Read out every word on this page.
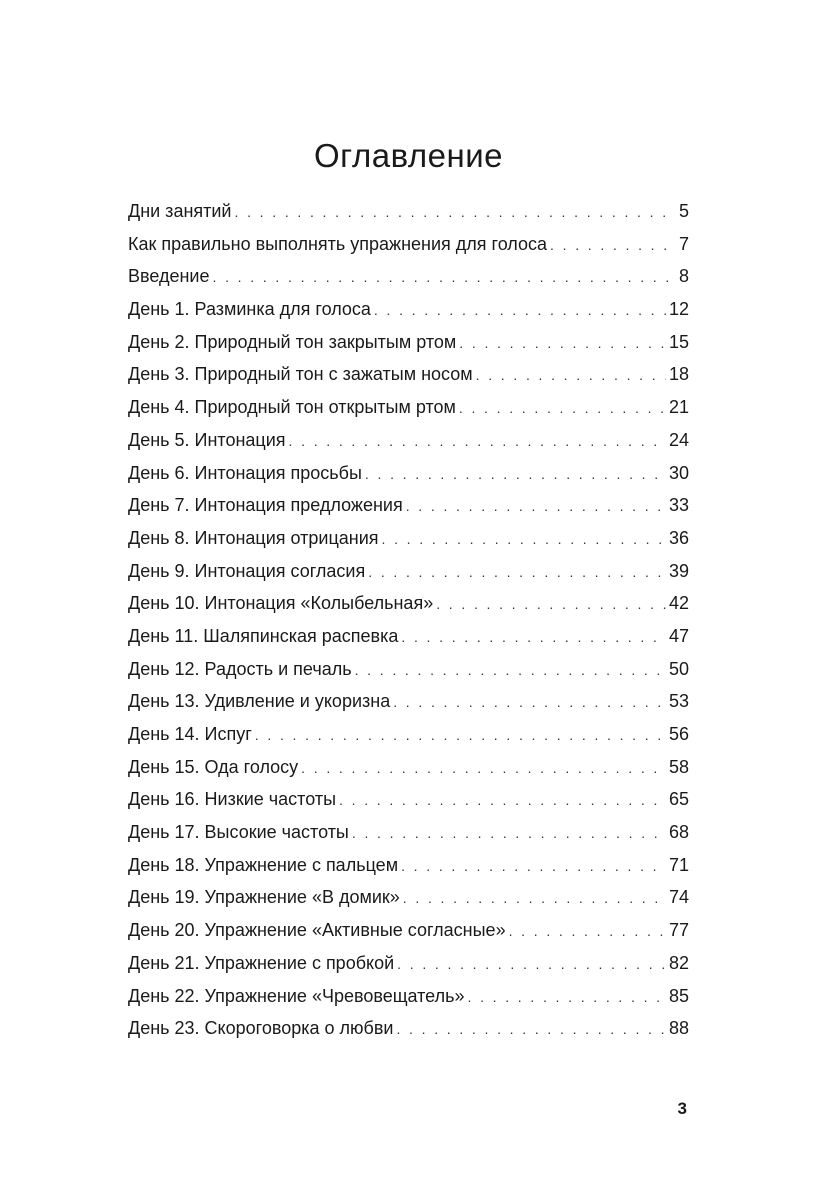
Оглавление
Дни занятий . . .	5
Как правильно выполнять упражнения для голоса . . .	7
Введение . . .	8
День 1. Разминка для голоса . . .	12
День 2. Природный тон закрытым ртом . . .	15
День 3. Природный тон с зажатым носом . . .	18
День 4. Природный тон открытым ртом . . .	21
День 5. Интонация . . .	24
День 6. Интонация просьбы . . .	30
День 7. Интонация предложения . . .	33
День 8. Интонация отрицания . . .	36
День 9. Интонация согласия . . .	39
День 10. Интонация «Колыбельная» . . .	42
День 11. Шаляпинская распевка . . .	47
День 12. Радость и печаль . . .	50
День 13. Удивление и укоризна . . .	53
День 14. Испуг . . .	56
День 15. Ода голосу . . .	58
День 16. Низкие частоты . . .	65
День 17. Высокие частоты . . .	68
День 18. Упражнение с пальцем . . .	71
День 19. Упражнение «В домик» . . .	74
День 20. Упражнение «Активные согласные» . . .	77
День 21. Упражнение с пробкой . . .	82
День 22. Упражнение «Чревовещатель» . . .	85
День 23. Скороговорка о любви . . .	88
3
